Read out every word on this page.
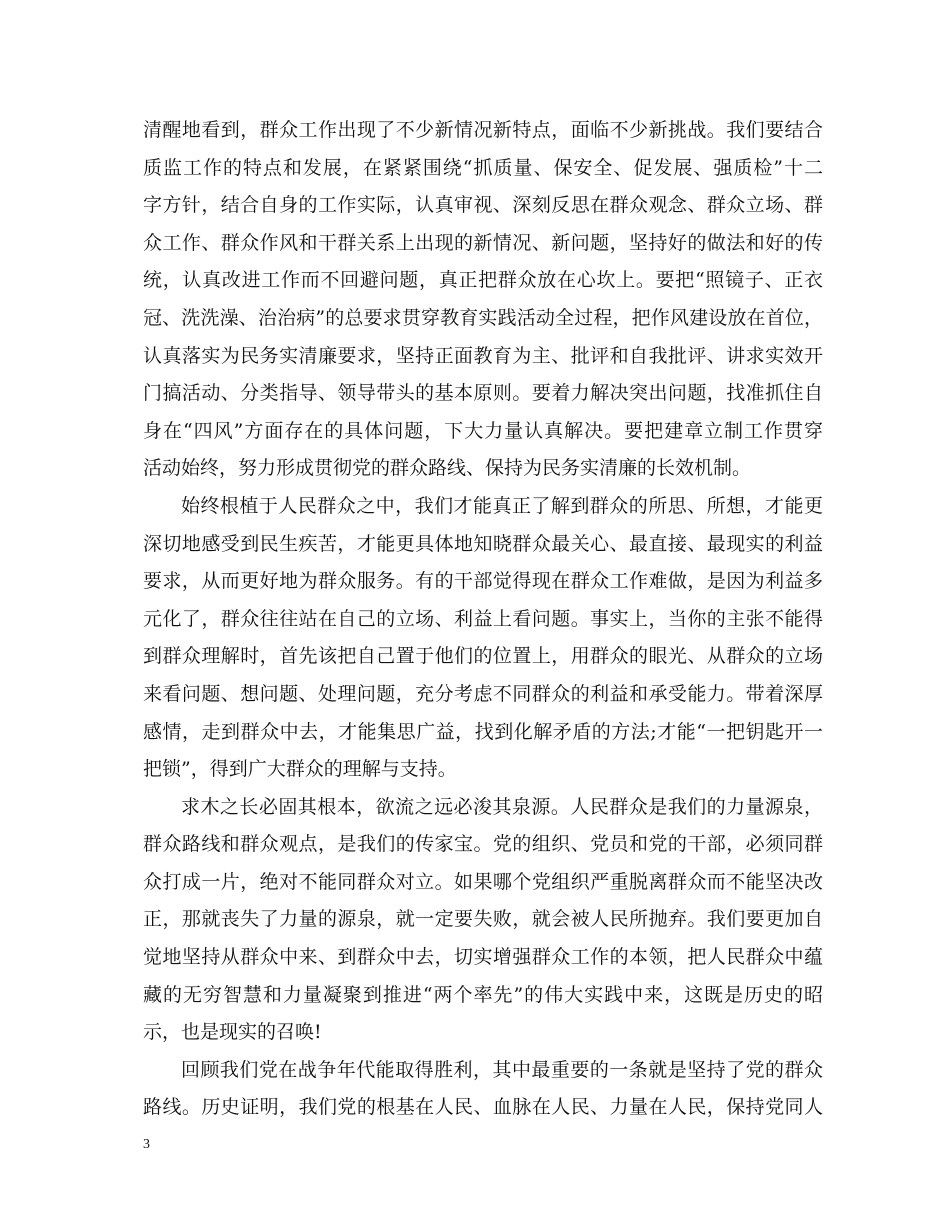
清醒地看到，群众工作出现了不少新情况新特点，面临不少新挑战。我们要结合
质监工作的特点和发展，在紧紧围绕“抓质量、保安全、促发展、强质检”十二
字方针，结合自身的工作实际，认真审视、深刻反思在群众观念、群众立场、群
众工作、群众作风和干群关系上出现的新情况、新问题，坚持好的做法和好的传
统，认真改进工作而不回避问题，真正把群众放在心坎上。要把“照镜子、正衣
冠、洗洗澡、治治病”的总要求贯穿教育实践活动全过程，把作风建设放在首位，
认真落实为民务实清廉要求，坚持正面教育为主、批评和自我批评、讲求实效开
门搞活动、分类指导、领导带头的基本原则。要着力解决突出问题，找准抓住自
身在“四风”方面存在的具体问题，下大力量认真解决。要把建章立制工作贯穿
活动始终，努力形成贯彻党的群众路线、保持为民务实清廉的长效机制。
始终根植于人民群众之中，我们才能真正了解到群众的所思、所想，才能更
深切地感受到民生疾苦，才能更具体地知晓群众最关心、最直接、最现实的利益
要求，从而更好地为群众服务。有的干部觉得现在群众工作难做，是因为利益多
元化了，群众往往站在自己的立场、利益上看问题。事实上，当你的主张不能得
到群众理解时，首先该把自己置于他们的位置上，用群众的眼光、从群众的立场
来看问题、想问题、处理问题，充分考虑不同群众的利益和承受能力。带着深厚
感情，走到群众中去，才能集思广益，找到化解矛盾的方法;才能“一把钥匙开一
把锁”，得到广大群众的理解与支持。
求木之长必固其根本，欲流之远必浚其泉源。人民群众是我们的力量源泉，
群众路线和群众观点，是我们的传家宝。党的组织、党员和党的干部，必须同群
众打成一片，绝对不能同群众对立。如果哪个党组织严重脱离群众而不能坚决改
正，那就丧失了力量的源泉，就一定要失败，就会被人民所抛弃。我们要更加自
觉地坚持从群众中来、到群众中去，切实增强群众工作的本领，把人民群众中蕴
藏的无穷智慧和力量凝聚到推进“两个率先”的伟大实践中来，这既是历史的昭
示，也是现实的召唤!
回顾我们党在战争年代能取得胜利，其中最重要的一条就是坚持了党的群众
路线。历史证明，我们党的根基在人民、血脉在人民、力量在人民，保持党同人
3
